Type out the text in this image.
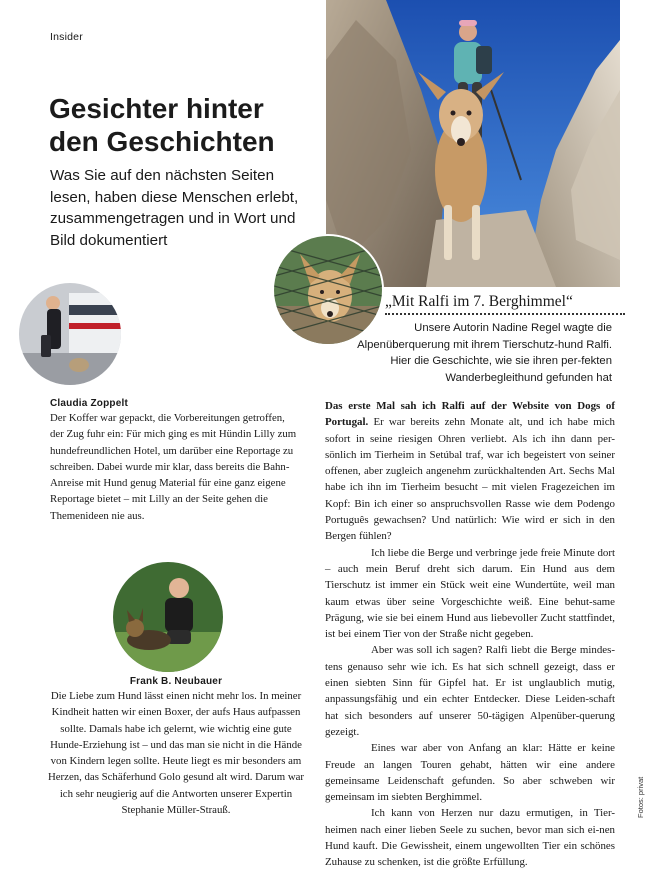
Insider
Gesichter hinter den Geschichten

Was Sie auf den nächsten Seiten lesen, haben diese Menschen erlebt, zusammengetragen und in Wort und Bild dokumentiert

„Mit Ralfi im 7. Berghimmel“

Unsere Autorin Nadine Regel wagte die Alpenüberquerung mit ihrem Tierschutz-hund Ralfi. Hier die Geschichte, wie sie ihren per-fekten Wanderbegleithund gefunden hat

Claudia Zoppelt

Der Koffer war gepackt, die Vorbereitungen getroffen, der Zug fuhr ein: Für mich ging es mit Hündin Lilly zum hundefreundlichen Hotel, um darüber eine Reportage zu schreiben. Dabei wurde mir klar, dass bereits die Bahn-Anreise mit Hund genug Material für eine ganz eigene Reportage bietet – mit Lilly an der Seite gehen die Themenideen nie aus.

Frank B. Neubauer

Die Liebe zum Hund lässt einen nicht mehr los. In meiner Kindheit hatten wir einen Boxer, der aufs Haus aufpassen sollte. Damals habe ich gelernt, wie wichtig eine gute Hunde-Erziehung ist – und das man sie nicht in die Hände von Kindern legen sollte. Heute liegt es mir besonders am Herzen, das Schäferhund Golo gesund alt wird. Darum war ich sehr neugierig auf die Antworten unserer Expertin Stephanie Müller-Strauß.

Das erste Mal sah ich Ralfi auf der Website von Dogs of Portugal. Er war bereits zehn Monate alt, und ich habe mich sofort in seine riesigen Ohren verliebt. Als ich ihn dann per-sönlich im Tierheim in Setúbal traf, war ich begeistert von seiner offenen, aber zugleich angenehm zurückhaltenden Art. Sechs Mal habe ich ihn im Tierheim besucht – mit vielen Fragezeichen im Kopf: Bin ich einer so anspruchsvollen Rasse wie dem Podengo Português gewachsen? Und natürlich: Wie wird er sich in den Bergen fühlen?

Ich liebe die Berge und verbringe jede freie Minute dort – auch mein Beruf dreht sich darum. Ein Hund aus dem Tierschutz ist immer ein Stück weit eine Wundertüte, weil man kaum etwas über seine Vorgeschichte weiß. Eine behut-same Prägung, wie sie bei einem Hund aus liebevoller Zucht stattfindet, ist bei einem Tier von der Straße nicht gegeben.

Aber was soll ich sagen? Ralfi liebt die Berge mindes-tens genauso sehr wie ich. Es hat sich schnell gezeigt, dass er einen siebten Sinn für Gipfel hat. Er ist unglaublich mutig, anpassungsfähig und ein echter Entdecker. Diese Leiden-schaft hat sich besonders auf unserer 50-tägigen Alpenüber-querung gezeigt.

Eines war aber von Anfang an klar: Hätte er keine Freude an langen Touren gehabt, hätten wir eine andere gemeinsame Leidenschaft gefunden. So aber schweben wir gemeinsam im siebten Berghimmel.

Ich kann von Herzen nur dazu ermutigen, in Tier-heimen nach einer lieben Seele zu suchen, bevor man sich ei-nen Hund kauft. Die Gewissheit, einem ungewollten Tier ein schönes Zuhause zu schenken, ist die größte Erfüllung.

Fotos: privat
